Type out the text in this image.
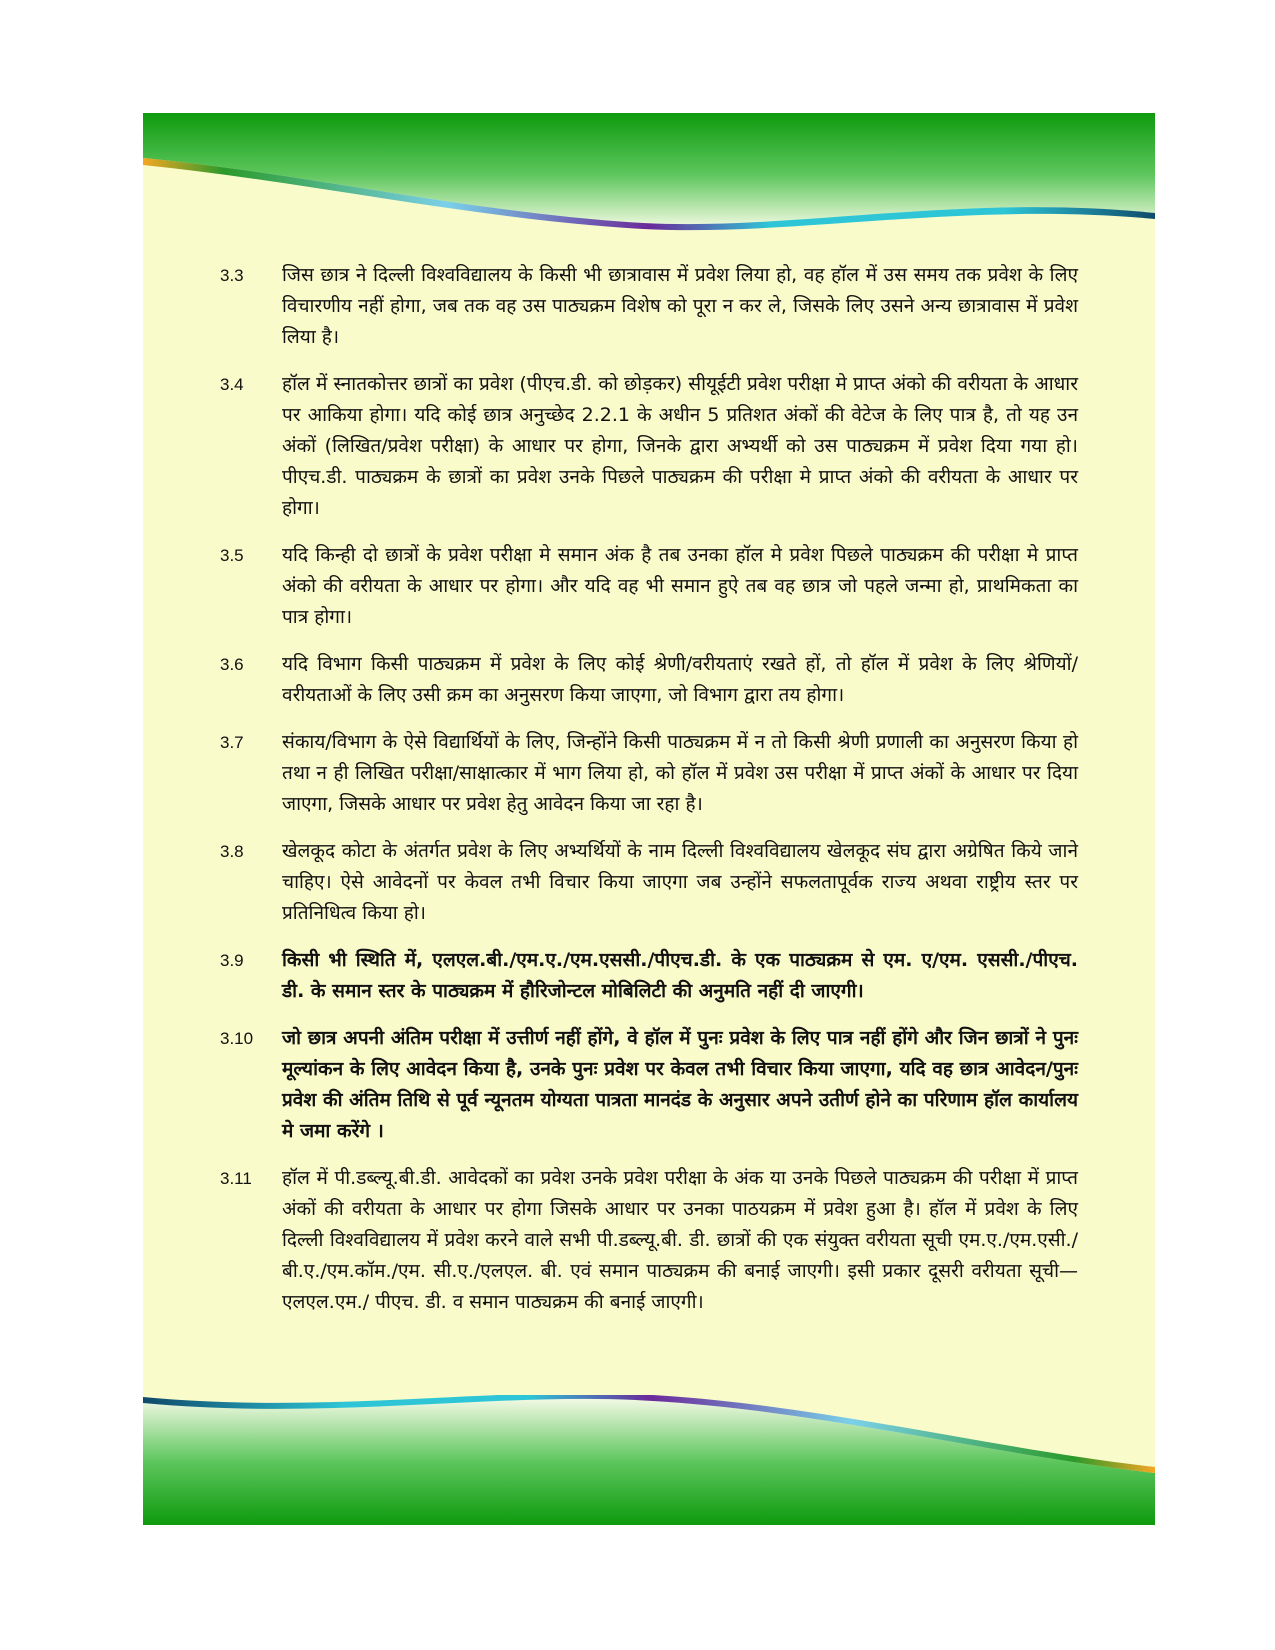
3.3	जिस छात्र ने दिल्ली विश्वविद्यालय के किसी भी छात्रावास में प्रवेश लिया हो, वह हॉल में उस समय तक प्रवेश के लिए विचारणीय नहीं होगा, जब तक वह उस पाठ्यक्रम विशेष को पूरा न कर ले, जिसके लिए उसने अन्य छात्रावास में प्रवेश लिया है।
3.4	हॉल में स्नातकोत्तर छात्रों का प्रवेश (पीएच.डी. को छोड़कर) सीयूईटी प्रवेश परीक्षा मे प्राप्त अंको की वरीयता के आधार पर आकिया होगा। यदि कोई छात्र अनुच्छेद 2.2.1 के अधीन 5 प्रतिशत अंकों की वेटेज के लिए पात्र है, तो यह उन अंकों (लिखित/प्रवेश परीक्षा) के आधार पर होगा, जिनके द्वारा अभ्यर्थी को उस पाठ्यक्रम में प्रवेश दिया गया हो। पीएच.डी. पाठ्यक्रम के छात्रों का प्रवेश उनके पिछले पाठ्यक्रम की परीक्षा मे प्राप्त अंको की वरीयता के आधार पर होगा।
3.5	यदि किन्ही दो छात्रों के प्रवेश परीक्षा मे समान अंक है तब उनका हॉल मे प्रवेश पिछले पाठ्यक्रम की परीक्षा मे प्राप्त अंको की वरीयता के आधार पर होगा। और यदि वह भी समान हुऐ तब वह छात्र जो पहले जन्मा हो, प्राथमिकता का पात्र होगा।
3.6	यदि विभाग किसी पाठ्यक्रम में प्रवेश के लिए कोई श्रेणी/वरीयताएं रखते हों, तो हॉल में प्रवेश के लिए श्रेणियों/वरीयताओं के लिए उसी क्रम का अनुसरण किया जाएगा, जो विभाग द्वारा तय होगा।
3.7	संकाय/विभाग के ऐसे विद्यार्थियों के लिए, जिन्होंने किसी पाठ्यक्रम में न तो किसी श्रेणी प्रणाली का अनुसरण किया हो तथा न ही लिखित परीक्षा/साक्षात्कार में भाग लिया हो, को हॉल में प्रवेश उस परीक्षा में प्राप्त अंकों के आधार पर दिया जाएगा, जिसके आधार पर प्रवेश हेतु आवेदन किया जा रहा है।
3.8	खेलकूद कोटा के अंतर्गत प्रवेश के लिए अभ्यर्थियों के नाम दिल्ली विश्वविद्यालय खेलकूद संघ द्वारा अग्रेषित किये जाने चाहिए। ऐसे आवेदनों पर केवल तभी विचार किया जाएगा जब उन्होंने सफलतापूर्वक राज्य अथवा राष्ट्रीय स्तर पर प्रतिनिधित्व किया हो।
3.9	किसी भी स्थिति में, एलएल.बी./एम.ए./एम.एससी./पीएच.डी. के एक पाठ्यक्रम से एम. ए/एम. एससी./पीएच. डी. के समान स्तर के पाठ्यक्रम में हौरिजोन्टल मोबिलिटी की अनुमति नहीं दी जाएगी।
3.10	जो छात्र अपनी अंतिम परीक्षा में उत्तीर्ण नहीं होंगे, वे हॉल में पुनः प्रवेश के लिए पात्र नहीं होंगे और जिन छात्रों ने पुनः मूल्यांकन के लिए आवेदन किया है, उनके पुनः प्रवेश पर केवल तभी विचार किया जाएगा, यदि वह छात्र आवेदन/पुनः प्रवेश की अंतिम तिथि से पूर्व न्यूनतम योग्यता पात्रता मानदंड के अनुसार अपने उतीर्ण होने का परिणाम हॉल कार्यालय मे जमा करेंगे ।
3.11	हॉल में पी.डब्ल्यू.बी.डी. आवेदकों का प्रवेश उनके प्रवेश परीक्षा के अंक या उनके पिछले पाठ्यक्रम की परीक्षा में प्राप्त अंकों की वरीयता के आधार पर होगा जिसके आधार पर उनका पाठयक्रम में प्रवेश हुआ है। हॉल में प्रवेश के लिए दिल्ली विश्वविद्यालय में प्रवेश करने वाले सभी पी.डब्ल्यू.बी. डी. छात्रों की एक संयुक्त वरीयता सूची एम.ए./एम.एसी./बी.ए./एम.कॉम./एम. सी.ए./एलएल. बी. एवं समान पाठ्यक्रम की बनाई जाएगी। इसी प्रकार दूसरी वरीयता सूची—एलएल.एम./ पीएच. डी. व समान पाठ्यक्रम की बनाई जाएगी।
